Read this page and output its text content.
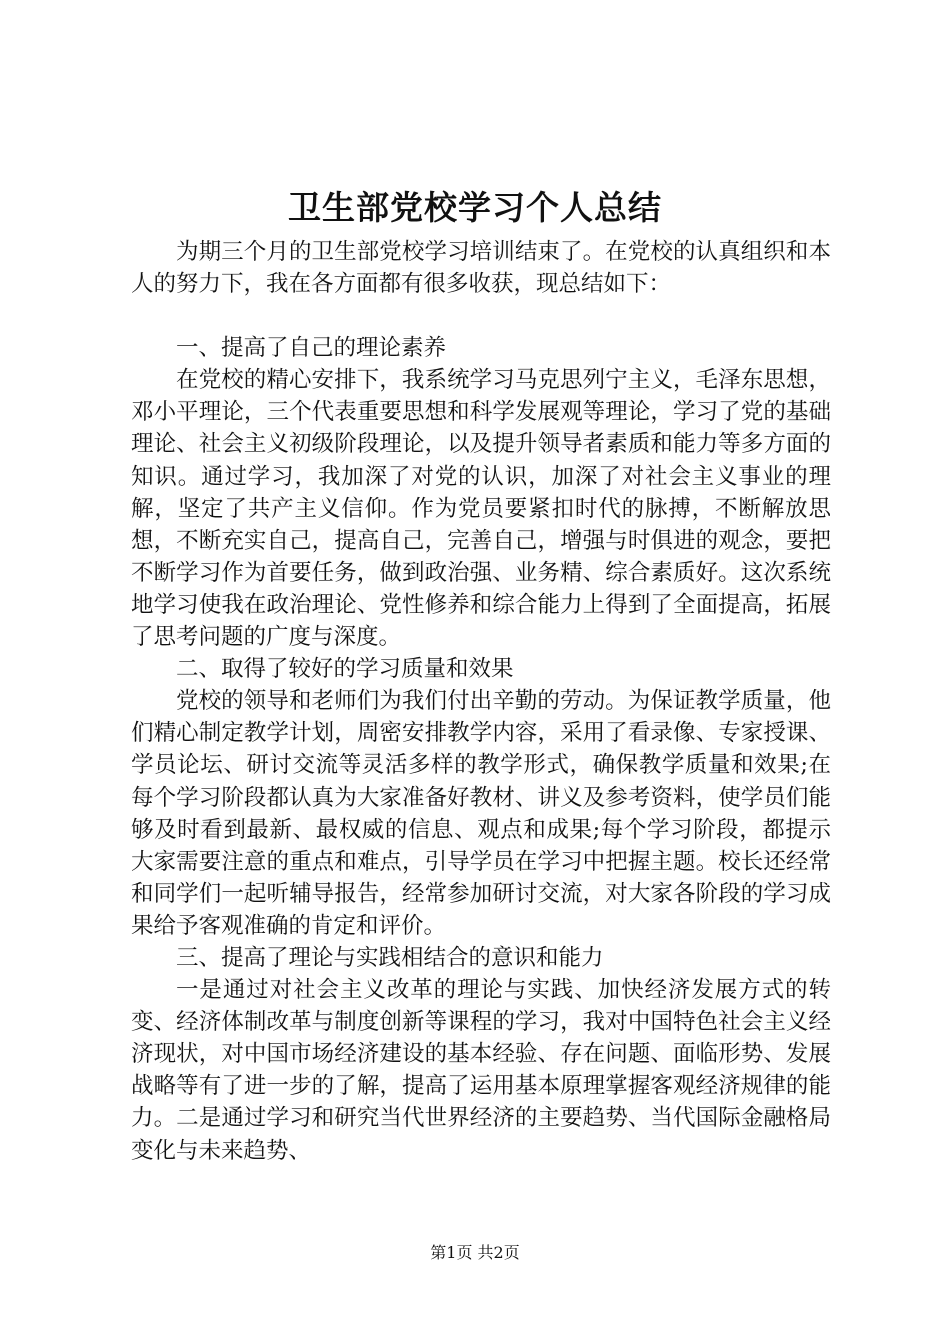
卫生部党校学习个人总结

为期三个月的卫生部党校学习培训结束了。在党校的认真组织和本人的努力下，我在各方面都有很多收获，现总结如下：

一、提高了自己的理论素养

在党校的精心安排下，我系统学习马克思列宁主义，毛泽东思想，邓小平理论，三个代表重要思想和科学发展观等理论，学习了党的基础理论、社会主义初级阶段理论，以及提升领导者素质和能力等多方面的知识。通过学习，我加深了对党的认识，加深了对社会主义事业的理解，坚定了共产主义信仰。作为党员要紧扣时代的脉搏，不断解放思想，不断充实自己，提高自己，完善自己，增强与时俱进的观念，要把不断学习作为首要任务，做到政治强、业务精、综合素质好。这次系统地学习使我在政治理论、党性修养和综合能力上得到了全面提高，拓展了思考问题的广度与深度。

二、取得了较好的学习质量和效果

党校的领导和老师们为我们付出辛勤的劳动。为保证教学质量，他们精心制定教学计划，周密安排教学内容，采用了看录像、专家授课、学员论坛、研讨交流等灵活多样的教学形式，确保教学质量和效果;在每个学习阶段都认真为大家准备好教材、讲义及参考资料，使学员们能够及时看到最新、最权威的信息、观点和成果;每个学习阶段，都提示大家需要注意的重点和难点，引导学员在学习中把握主题。校长还经常和同学们一起听辅导报告，经常参加研讨交流，对大家各阶段的学习成果给予客观准确的肯定和评价。

三、提高了理论与实践相结合的意识和能力

一是通过对社会主义改革的理论与实践、加快经济发展方式的转变、经济体制改革与制度创新等课程的学习，我对中国特色社会主义经济现状，对中国市场经济建设的基本经验、存在问题、面临形势、发展战略等有了进一步的了解，提高了运用基本原理掌握客观经济规律的能力。二是通过学习和研究当代世界经济的主要趋势、当代国际金融格局变化与未来趋势、

第1页 共2页
